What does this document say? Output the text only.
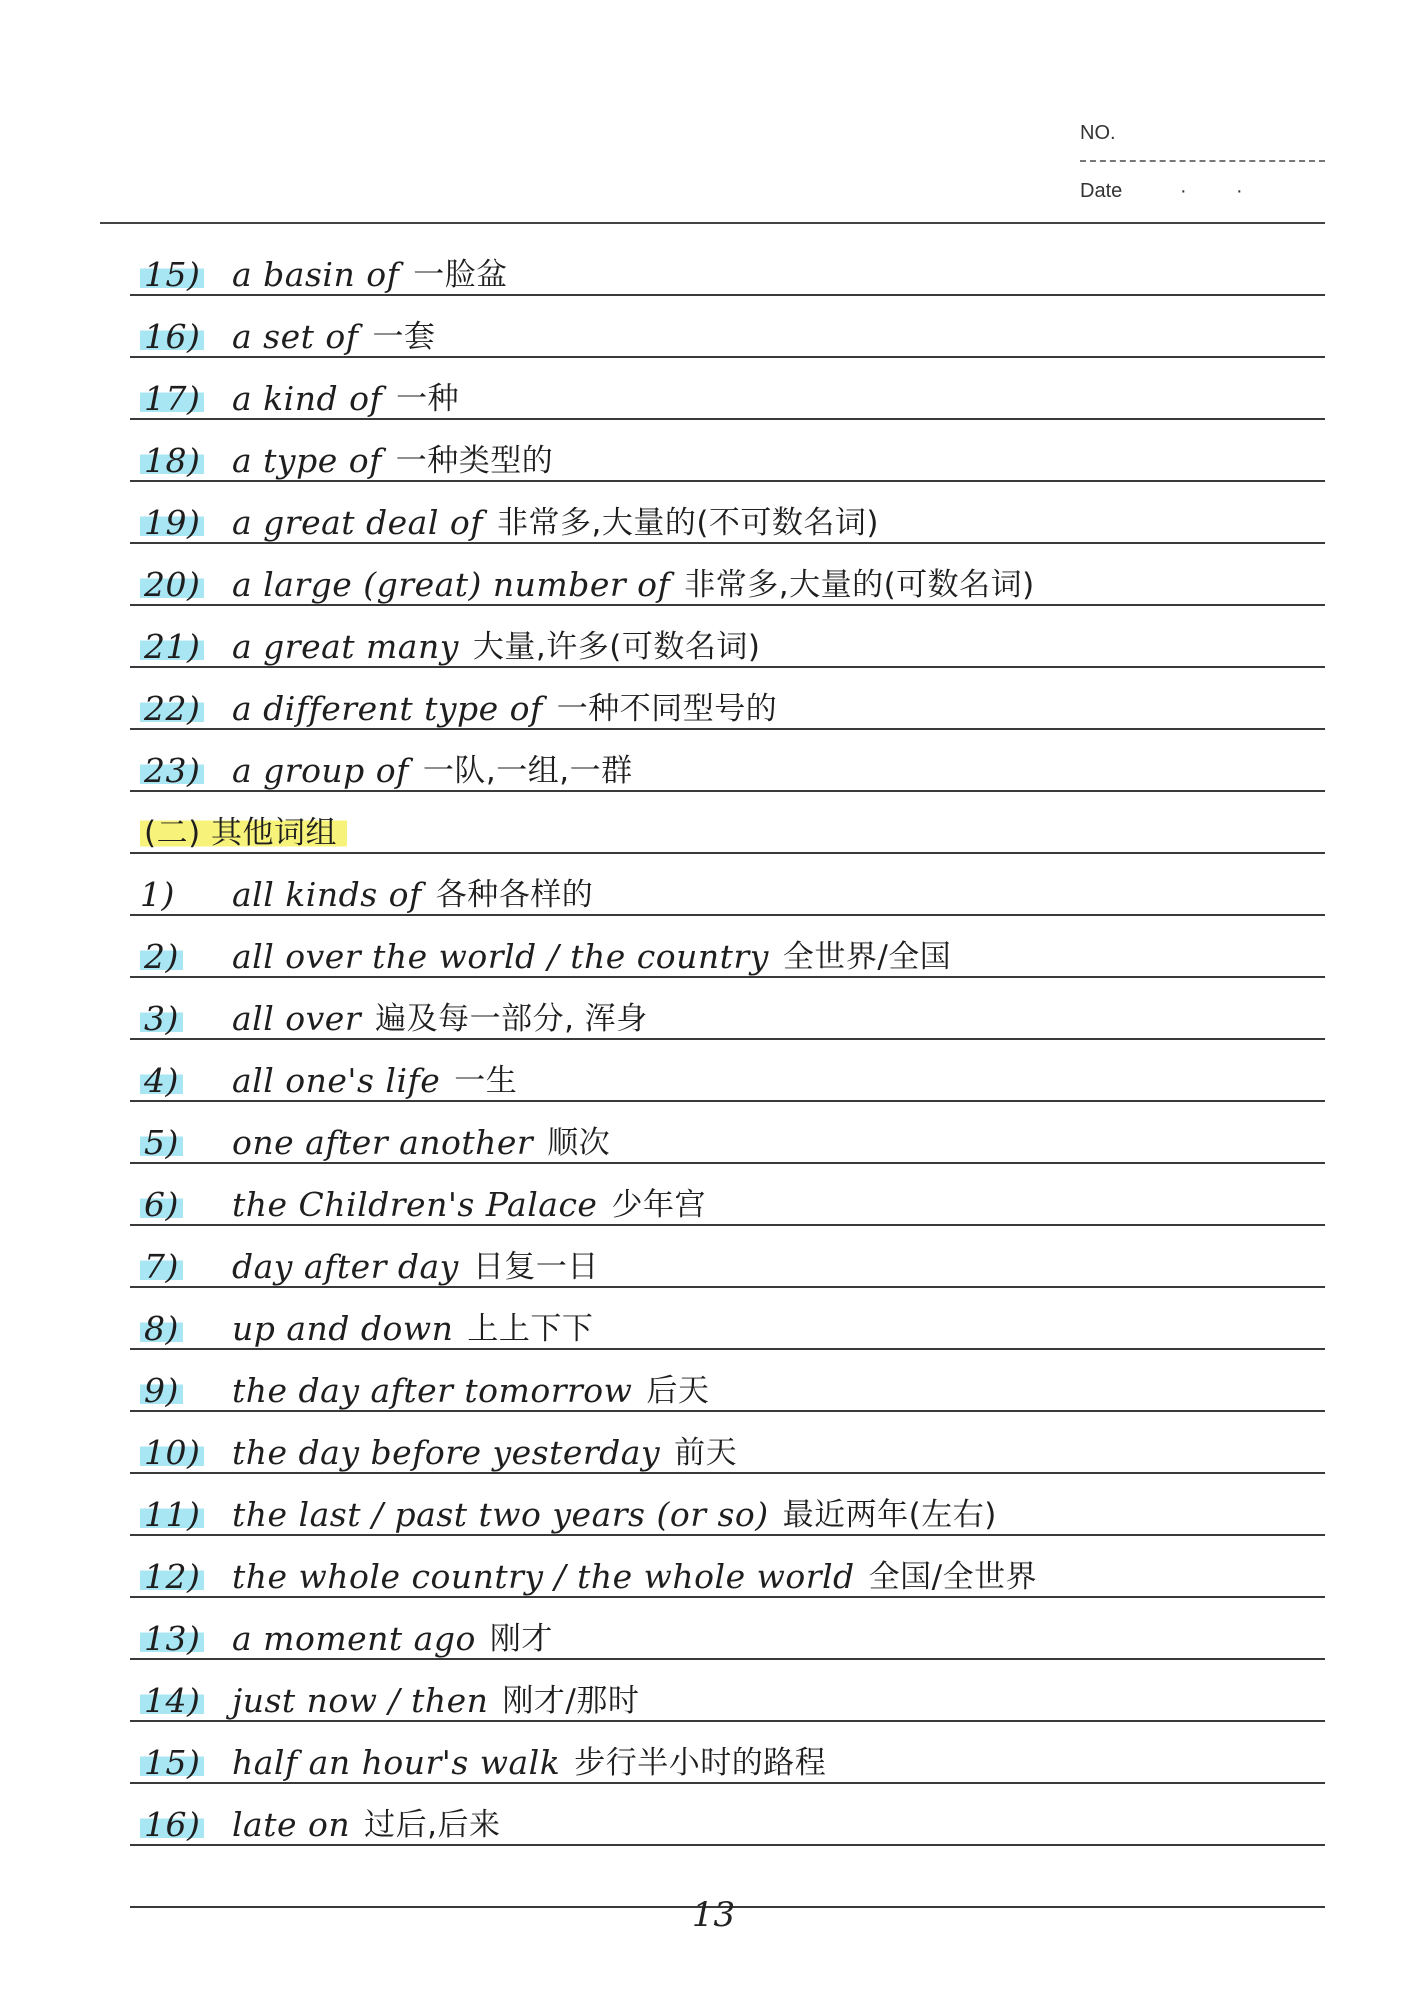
NO.
Date	· ·
15) a basin of 一脸盆
16) a set of 一套
17) a kind of 一种
18) a type of 一种类型的
19) a great deal of 非常多,大量的(不可数名词)
20) a large (great) number of 非常多,大量的(可数名词)
21) a great many 大量,许多(可数名词)
22) a different type of 一种不同型号的
23) a group of 一队,一组,一群
(二) 其他词组
1)	all kinds of 各种各样的
2)	all over the world / the country 全世界/全国
3)	all over 遍及每一部分, 浑身
4)	all one's life 一生
5)	one after another 顺次
6)	the Children's Palace 少年宫
7)	day after day 日复一日
8)	up and down 上上下下
9)	the day after tomorrow 后天
10) the day before yesterday 前天
11) the last / past two years (or so) 最近两年(左右)
12) the whole country / the whole world 全国/全世界
13) a moment ago 刚才
14) just now / then 刚才/那时
15) half an hour's walk 步行半小时的路程
16) late on 过后,后来
13
